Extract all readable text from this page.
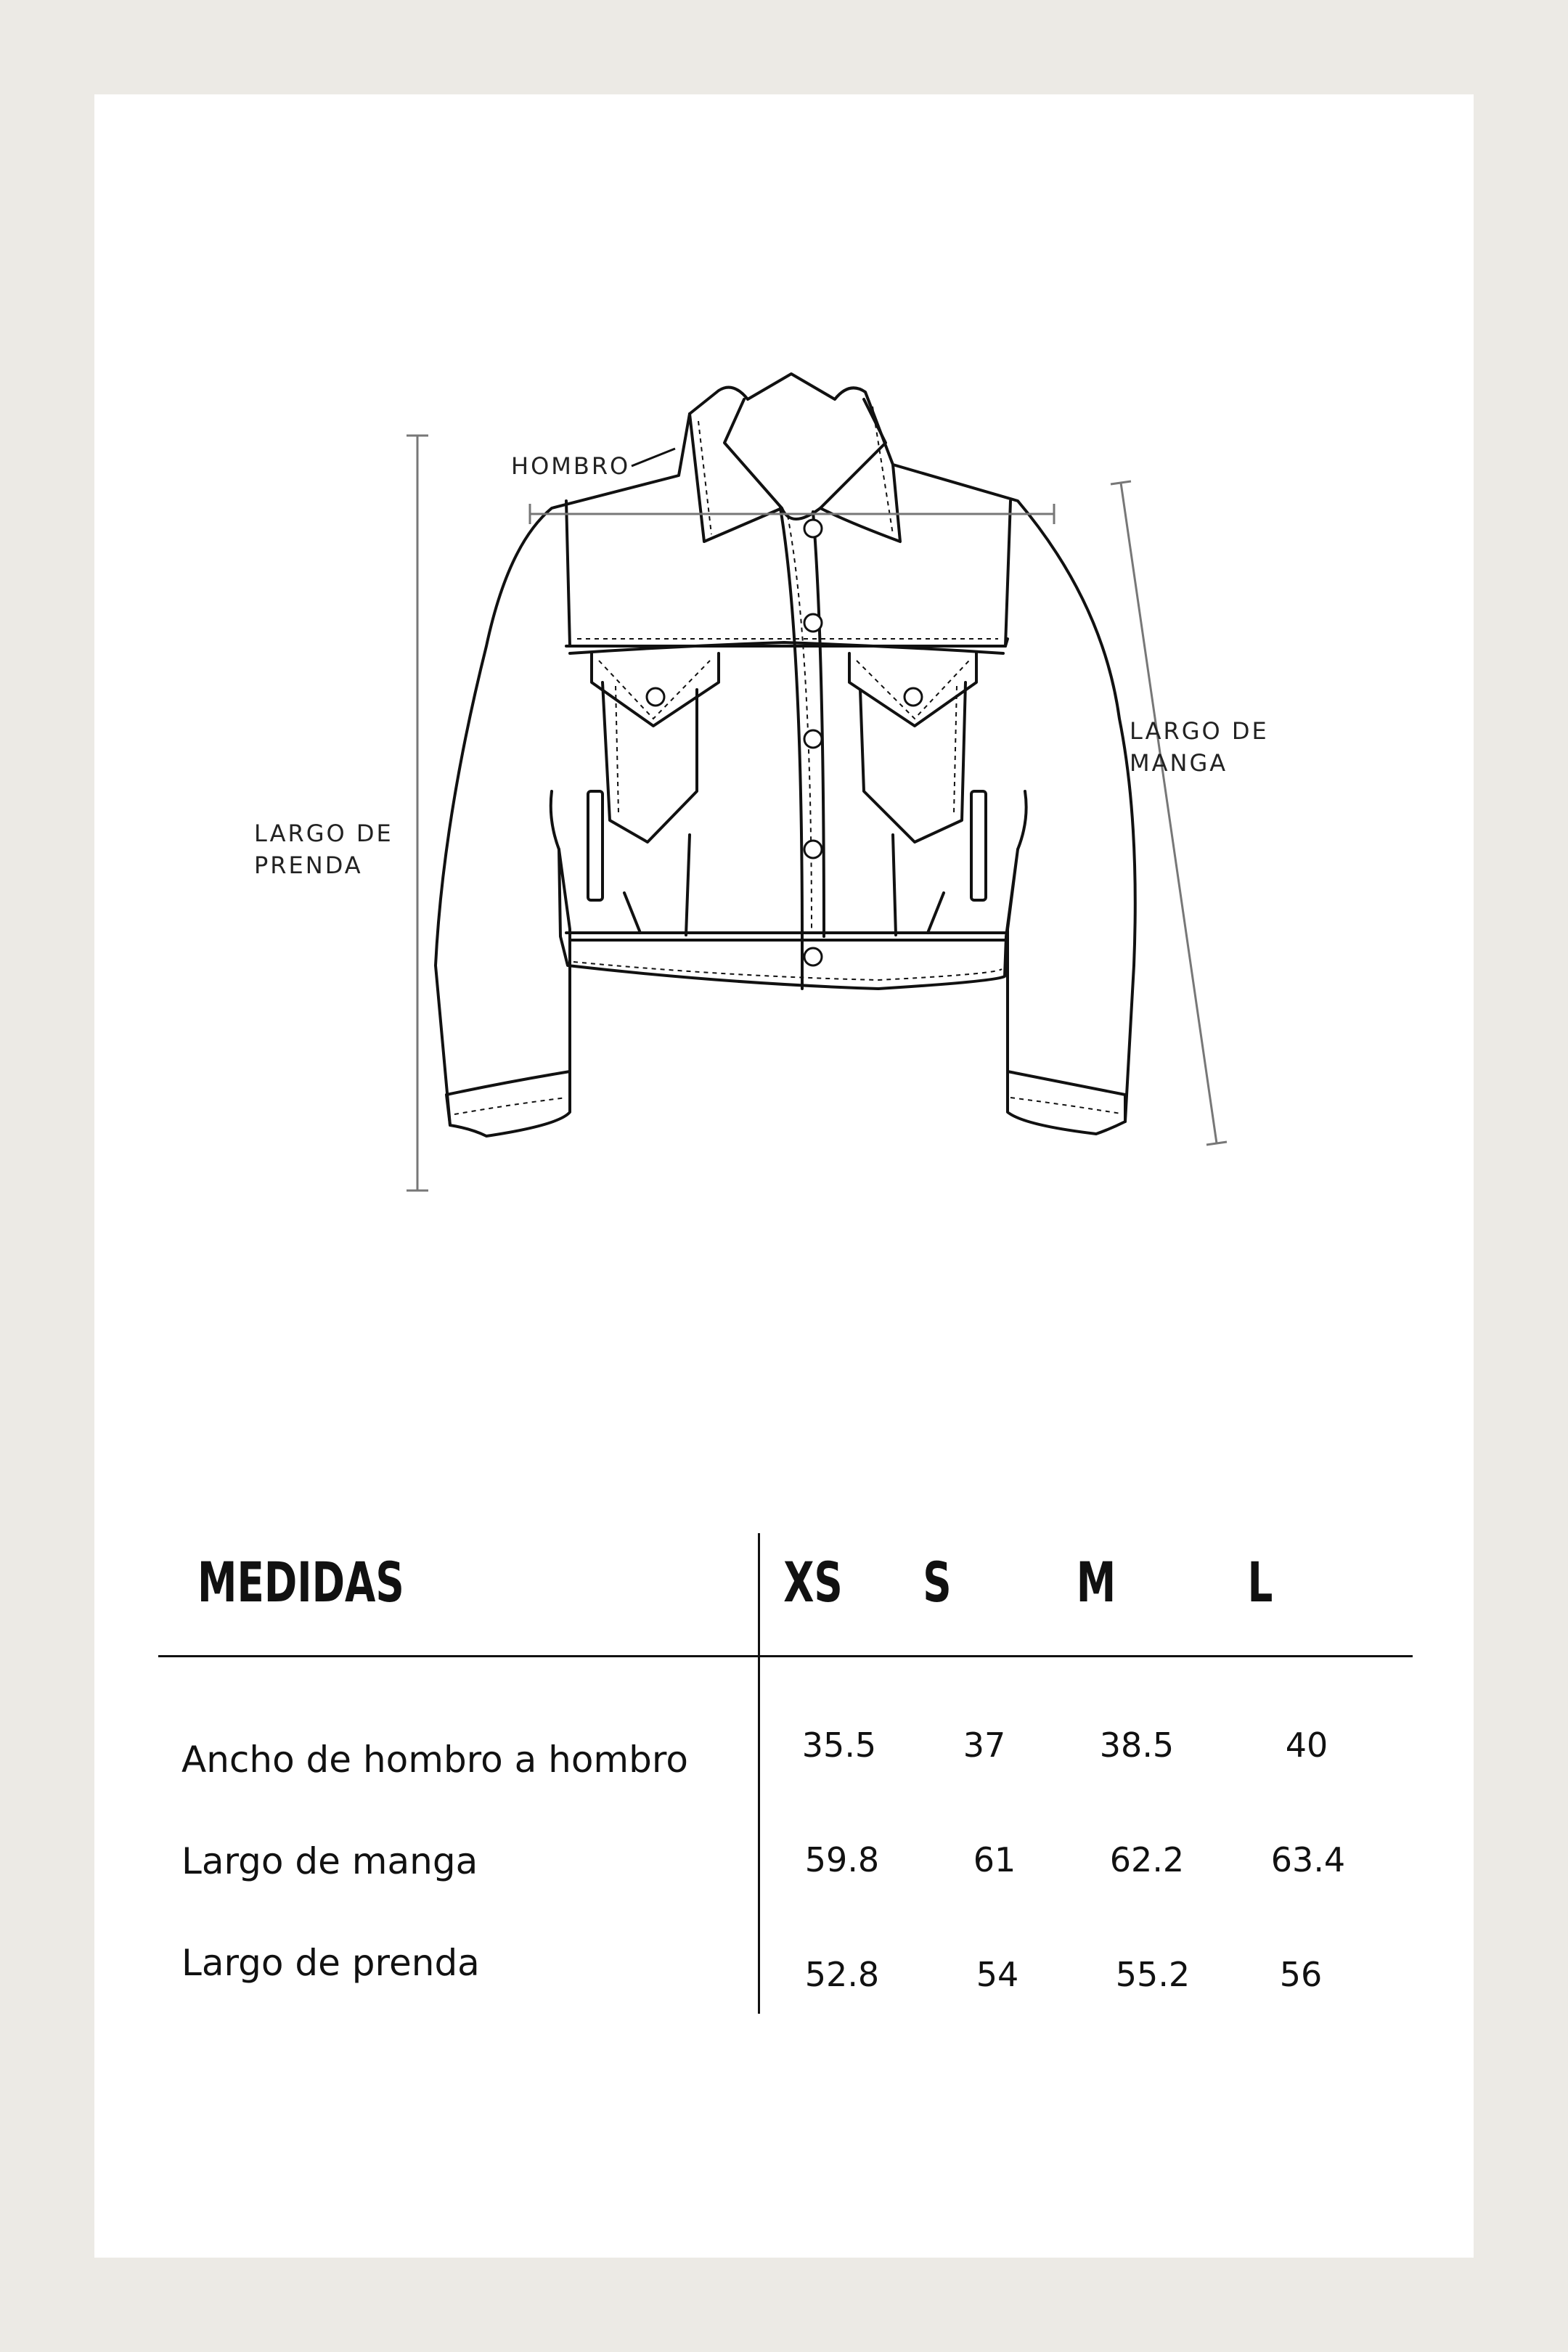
HOMBRO
LARGO DE
MANGA
LARGO DE
PRENDA
MEDIDAS	XS	S	M	L
Ancho de hombro a hombro	35.5	37	38.5	40
Largo de manga	59.8	61	62.2	63.4
Largo de prenda	52.8	54	55.2	56
